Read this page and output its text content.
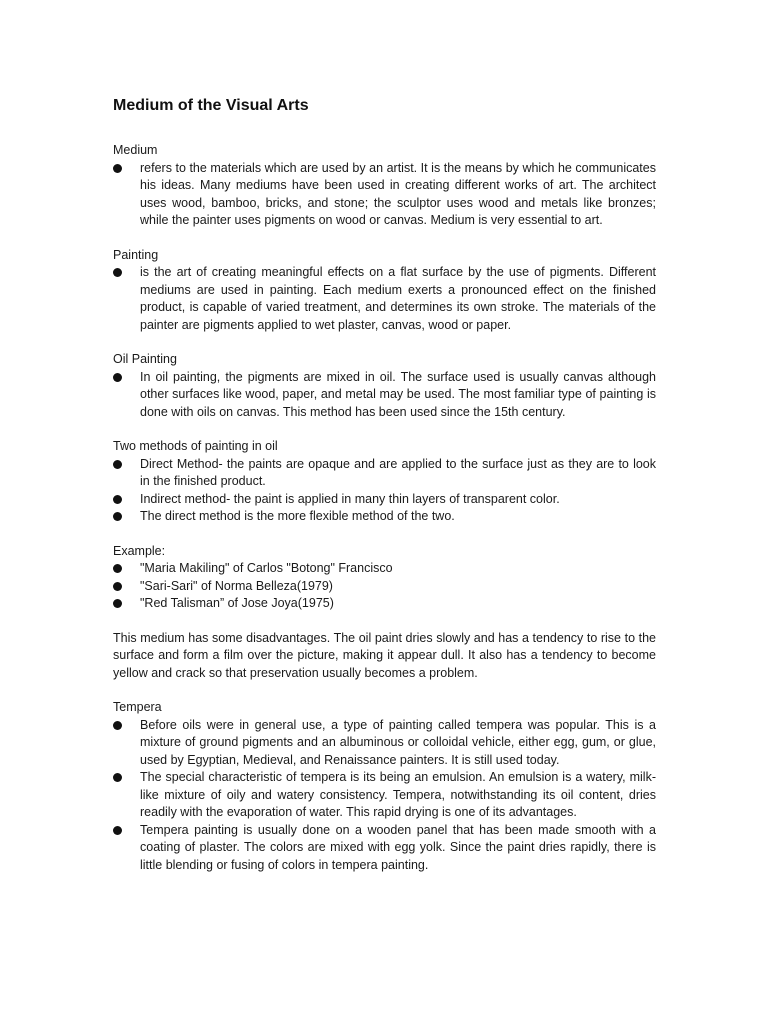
Medium of the Visual Arts
Medium
refers to the materials which are used by an artist. It is the means by which he communicates his ideas. Many mediums have been used in creating different works of art. The architect uses wood, bamboo, bricks, and stone; the sculptor uses wood and metals like bronzes; while the painter uses pigments on wood or canvas. Medium is very essential to art.
Painting
is the art of creating meaningful effects on a flat surface by the use of pigments. Different mediums are used in painting. Each medium exerts a pronounced effect on the finished product, is capable of varied treatment, and determines its own stroke. The materials of the painter are pigments applied to wet plaster, canvas, wood or paper.
Oil Painting
In oil painting, the pigments are mixed in oil. The surface used is usually canvas although other surfaces like wood, paper, and metal may be used. The most familiar type of painting is done with oils on canvas. This method has been used since the 15th century.
Two methods of painting in oil
Direct Method- the paints are opaque and are applied to the surface just as they are to look in the finished product.
Indirect method- the paint is applied in many thin layers of transparent color.
The direct method is the more flexible method of the two.
Example:
"Maria Makiling" of Carlos "Botong" Francisco
"Sari-Sari" of Norma Belleza(1979)
"Red Talisman” of Jose Joya(1975)

This medium has some disadvantages. The oil paint dries slowly and has a tendency to rise to the surface and form a film over the picture, making it appear dull. It also has a tendency to become yellow and crack so that preservation usually becomes a problem.

Tempera
Before oils were in general use, a type of painting called tempera was popular. This is a mixture of ground pigments and an albuminous or colloidal vehicle, either egg, gum, or glue, used by Egyptian, Medieval, and Renaissance painters. It is still used today.
The special characteristic of tempera is its being an emulsion. An emulsion is a watery, milk-like mixture of oily and watery consistency. Tempera, notwithstanding its oil content, dries readily with the evaporation of water. This rapid drying is one of its advantages.
Tempera painting is usually done on a wooden panel that has been made smooth with a coating of plaster. The colors are mixed with egg yolk. Since the paint dries rapidly, there is little blending or fusing of colors in tempera painting.
